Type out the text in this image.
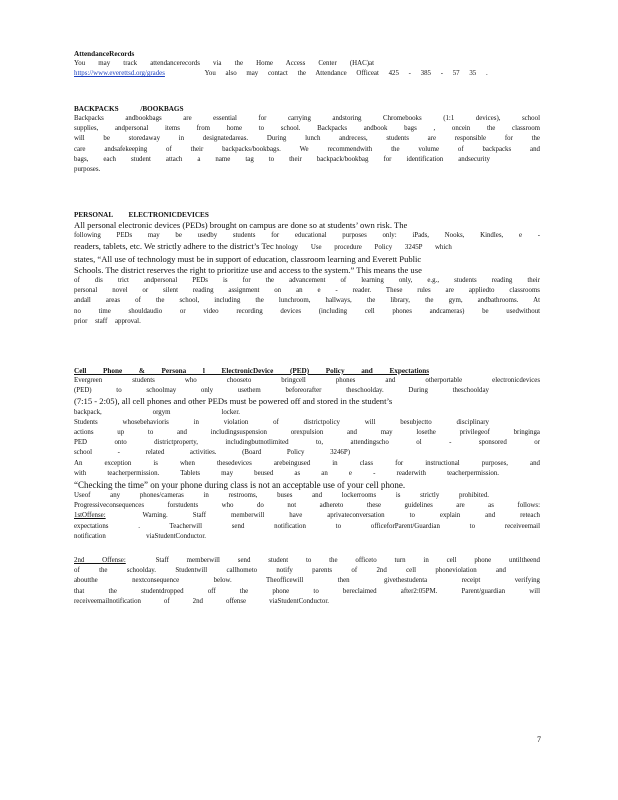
AttendanceRecords

You may track attendancerecords via the Home Access Center (HAC)at

https://www.everettsd.org/grades	You also may contact the Attendance Officeat 425 - 385 - 57 35 .

BACKPACKS /BOOKBAGS

Backpacks andbookbags are essential for carrying andstoring Chromebooks (1:1 devices), school

supplies, andpersonal items from home to school. Backpacks andbook bags , oncein the classroom

will be storedaway in designatedareas. During lunch andrecess, students are responsible for the

care andsafekeeping of their backpacks/bookbags. We recommendwith the volume of backpacks and

bags, each student attach a name tag to their backpack/bookbag for identification andsecurity

purposes.

PERSONAL ELECTRONICDEVICES

All personal electronic devices (PEDs) brought on campus are done so at students’ own risk. The

following PEDs may be usedby students for educational purposes only: iPads, Nooks, Kindles, e -

readers, tablets, etc. We strictly adhere to the district’s Tec hnology Use procedure Policy 3245P which

states, “All use of technology must be in support of education, classroom learning and Everett Public

Schools. The district reserves the right to prioritize use and access to the system.” This means the use

of dis trict andpersonal PEDs is for the advancement of learning only, e.g., students reading their

personal novel or silent reading assignment on an e - reader. These rules are appliedto classrooms

andall areas of the school, including the lunchroom, hallways, the library, the gym, andbathrooms. At

no time shouldaudio or video recording devices (including cell phones andcameras) be usedwithout

prior staff approval.

Cell Phone & Persona l ElectronicDevice (PED) Policy and Expectations

Evergreen students who chooseto bringcell phones and otherportable electronicdevices

(PED) to schoolmay only usethem beforeorafter theschoolday. During theschoolday

(7:15 - 2:05), all cell phones and other PEDs must be powered off and stored in the student’s

backpack, orgym locker.

Students whosebehavioris in violation of districtpolicy will besubjectto disciplinary

actions up to and includingsuspension orexpulsion and may losethe privilegeof bringinga

PED onto districtproperty, includingbutnotlimited to, attendingscho ol - sponsored or

school - related activities. (Board Policy 3246P)

An exception is when thesedevices arebeingused in class for instructional purposes, and

with teacherpermission. Tablets may beused as an e - readerwith teacherpermission.

“Checking the time” on your phone during class is not an acceptable use of your cell phone.

Useof any phones/cameras in restrooms, buses and lockerrooms is strictly prohibited.

Progressiveconsequences forstudents who do not adhereto these guidelines are as follows:

1stOffense:	Warning. Staff memberwill have aprivateconversation to explain and reteach

expectations . Teacherwill send notification to officeforParent/Guardian to receiveemail

notification viaStudentConductor.

2nd Offense:	Staff memberwill send student to the officeto turn in cell phone untiltheend

of the schoolday. Studentwill callhometo notify parents of 2nd cell phoneviolation and

aboutthe nextconsequence below. Theofficewill then givethestudenta receipt verifying

that the studentdropped off the phone to bereclaimed after2:05PM. Parent/guardian will

receiveemailnotification of 2nd offense viaStudentConductor.

7
